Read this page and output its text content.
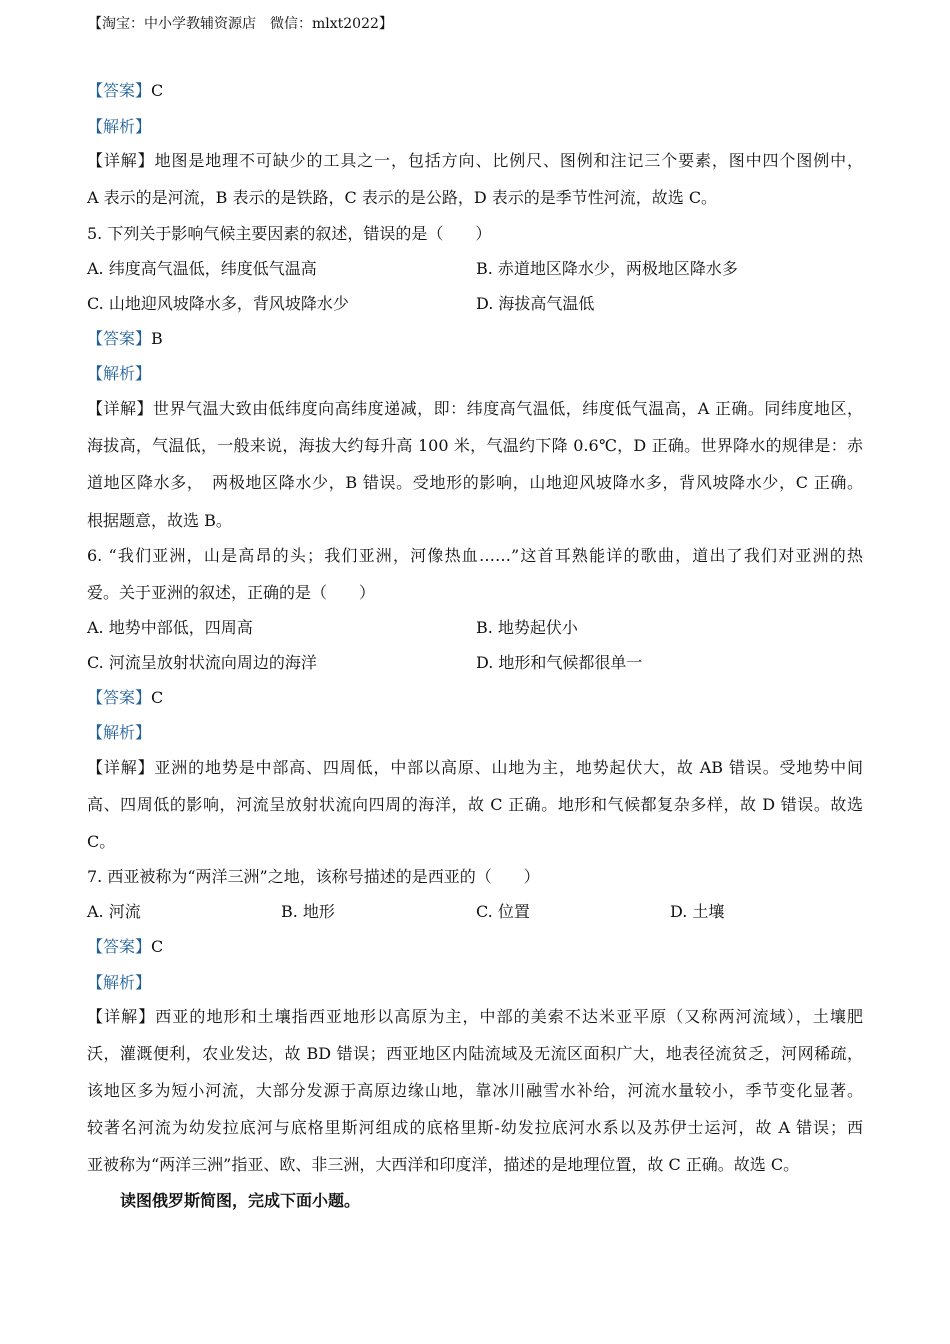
【淘宝：中小学教辅资源店　微信：mlxt2022】
【答案】C
【解析】
【详解】地图是地理不可缺少的工具之一，包括方向、比例尺、图例和注记三个要素，图中四个图例中，
A 表示的是河流，B 表示的是铁路，C 表示的是公路，D 表示的是季节性河流，故选 C。
5. 下列关于影响气候主要因素的叙述，错误的是（　　）
A. 纬度高气温低，纬度低气温高	B. 赤道地区降水少，两极地区降水多
C. 山地迎风坡降水多，背风坡降水少	D. 海拔高气温低
【答案】B
【解析】
【详解】世界气温大致由低纬度向高纬度递减，即：纬度高气温低，纬度低气温高，A 正确。同纬度地区，
海拔高，气温低，一般来说，海拔大约每升高 100 米，气温约下降 0.6℃，D 正确。世界降水的规律是：赤
道地区降水多，　两极地区降水少，B 错误。受地形的影响，山地迎风坡降水多，背风坡降水少，C 正确。
根据题意，故选 B。
6. “我们亚洲，山是高昂的头；我们亚洲，河像热血……”这首耳熟能详的歌曲，道出了我们对亚洲的热
爱。关于亚洲的叙述，正确的是（　　）
A. 地势中部低，四周高	B. 地势起伏小
C. 河流呈放射状流向周边的海洋	D. 地形和气候都很单一
【答案】C
【解析】
【详解】亚洲的地势是中部高、四周低，中部以高原、山地为主，地势起伏大，故 AB 错误。受地势中间
高、四周低的影响，河流呈放射状流向四周的海洋，故 C 正确。地形和气候都复杂多样，故 D 错误。故选
C。
7. 西亚被称为“两洋三洲”之地，该称号描述的是西亚的（　　）
A. 河流	B. 地形	C. 位置	D. 土壤
【答案】C
【解析】
【详解】西亚的地形和土壤指西亚地形以高原为主，中部的美索不达米亚平原（又称两河流域），土壤肥
沃，灌溉便利，农业发达，故 BD 错误；西亚地区内陆流域及无流区面积广大，地表径流贫乏，河网稀疏，
该地区多为短小河流，大部分发源于高原边缘山地，靠冰川融雪水补给，河流水量较小，季节变化显著。
较著名河流为幼发拉底河与底格里斯河组成的底格里斯-幼发拉底河水系以及苏伊士运河，故 A 错误；西
亚被称为“两洋三洲”指亚、欧、非三洲，大西洋和印度洋，描述的是地理位置，故 C 正确。故选 C。
读图俄罗斯简图，完成下面小题。
